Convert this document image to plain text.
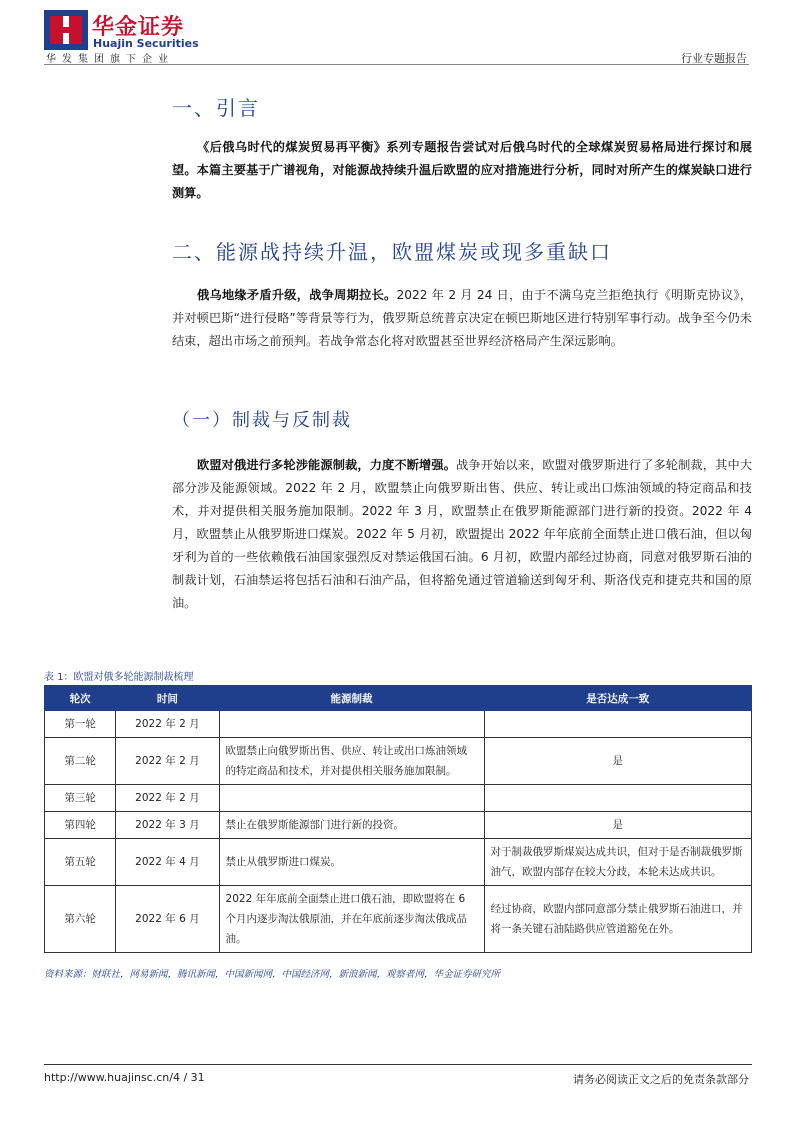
华金证券
Huajin Securities
华发集团旗下企业	行业专题报告
一、引言
《后俄乌时代的煤炭贸易再平衡》系列专题报告尝试对后俄乌时代的全球煤炭贸易格局进行探讨和展望。本篇主要基于广谱视角，对能源战持续升温后欧盟的应对措施进行分析，同时对所产生的煤炭缺口进行测算。
二、能源战持续升温，欧盟煤炭或现多重缺口
俄乌地缘矛盾升级，战争周期拉长。2022 年 2 月 24 日，由于不满乌克兰拒绝执行《明斯克协议》，并对顿巴斯“进行侵略”等背景等行为，俄罗斯总统普京决定在顿巴斯地区进行特别军事行动。战争至今仍未结束，超出市场之前预判。若战争常态化将对欧盟甚至世界经济格局产生深远影响。
（一）制裁与反制裁
欧盟对俄进行多轮涉能源制裁，力度不断增强。战争开始以来，欧盟对俄罗斯进行了多轮制裁，其中大部分涉及能源领域。2022 年 2 月，欧盟禁止向俄罗斯出售、供应、转让或出口炼油领域的特定商品和技术，并对提供相关服务施加限制。2022 年 3 月，欧盟禁止在俄罗斯能源部门进行新的投资。2022 年 4 月，欧盟禁止从俄罗斯进口煤炭。2022 年 5 月初，欧盟提出 2022 年年底前全面禁止进口俄石油，但以匈牙利为首的一些依赖俄石油国家强烈反对禁运俄国石油。6 月初，欧盟内部经过协商，同意对俄罗斯石油的制裁计划，石油禁运将包括石油和石油产品，但将豁免通过管道输送到匈牙利、斯洛伐克和捷克共和国的原油。
表 1：欧盟对俄多轮能源制裁梳理
轮次	时间	能源制裁	是否达成一致
第一轮	2022 年 2 月		
第二轮	2022 年 2 月	欧盟禁止向俄罗斯出售、供应、转让或出口炼油领域的特定商品和技术，并对提供相关服务施加限制。	是
第三轮	2022 年 2 月		
第四轮	2022 年 3 月	禁止在俄罗斯能源部门进行新的投资。	是
第五轮	2022 年 4 月	禁止从俄罗斯进口煤炭。	对于制裁俄罗斯煤炭达成共识，但对于是否制裁俄罗斯油气，欧盟内部存在较大分歧，本轮未达成共识。
第六轮	2022 年 6 月	2022 年年底前全面禁止进口俄石油，即欧盟将在 6 个月内逐步淘汰俄原油，并在年底前逐步淘汰俄成品油。	经过协商，欧盟内部同意部分禁止俄罗斯石油进口，并将一条关键石油陆路供应管道豁免在外。
资料来源：财联社，网易新闻，腾讯新闻，中国新闻网，中国经济网，新浪新闻，观察者网，华金证券研究所
http://www.huajinsc.cn/4 / 31	请务必阅读正文之后的免责条款部分
